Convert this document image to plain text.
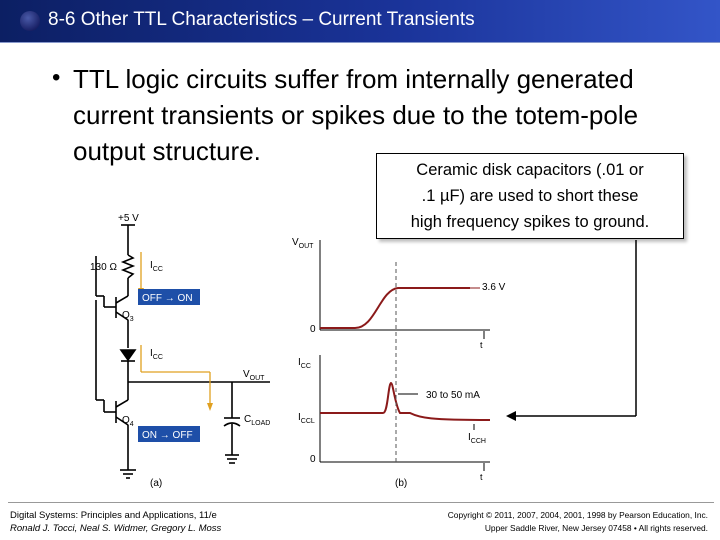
8-6 Other TTL Characteristics – Current Transients
• TTL logic circuits suffer from internally generated current transients or spikes due to the totem-pole output structure.
OFF → ON
ON → OFF
+5 V
130 Ω	$I_{CC}$
$Q_3$
$I_{CC}$
$V_{OUT}$
$Q_4$	$C_{LOAD}$
(a)
$V_{OUT}$
3.6 V
0
t
$I_{CC}$
$I_{CCL}$
30 to 50 mA
$I_{CCH}$
0
t
(b)
Ceramic disk capacitors (.01 or
.1 µF) are used to short these
high frequency spikes to ground.
Digital Systems: Principles and Applications, 11/e
Ronald J. Tocci, Neal S. Widmer, Gregory L. Moss
Copyright © 2011, 2007, 2004, 2001, 1998 by Pearson Education, Inc.
Upper Saddle River, New Jersey 07458 • All rights reserved.
